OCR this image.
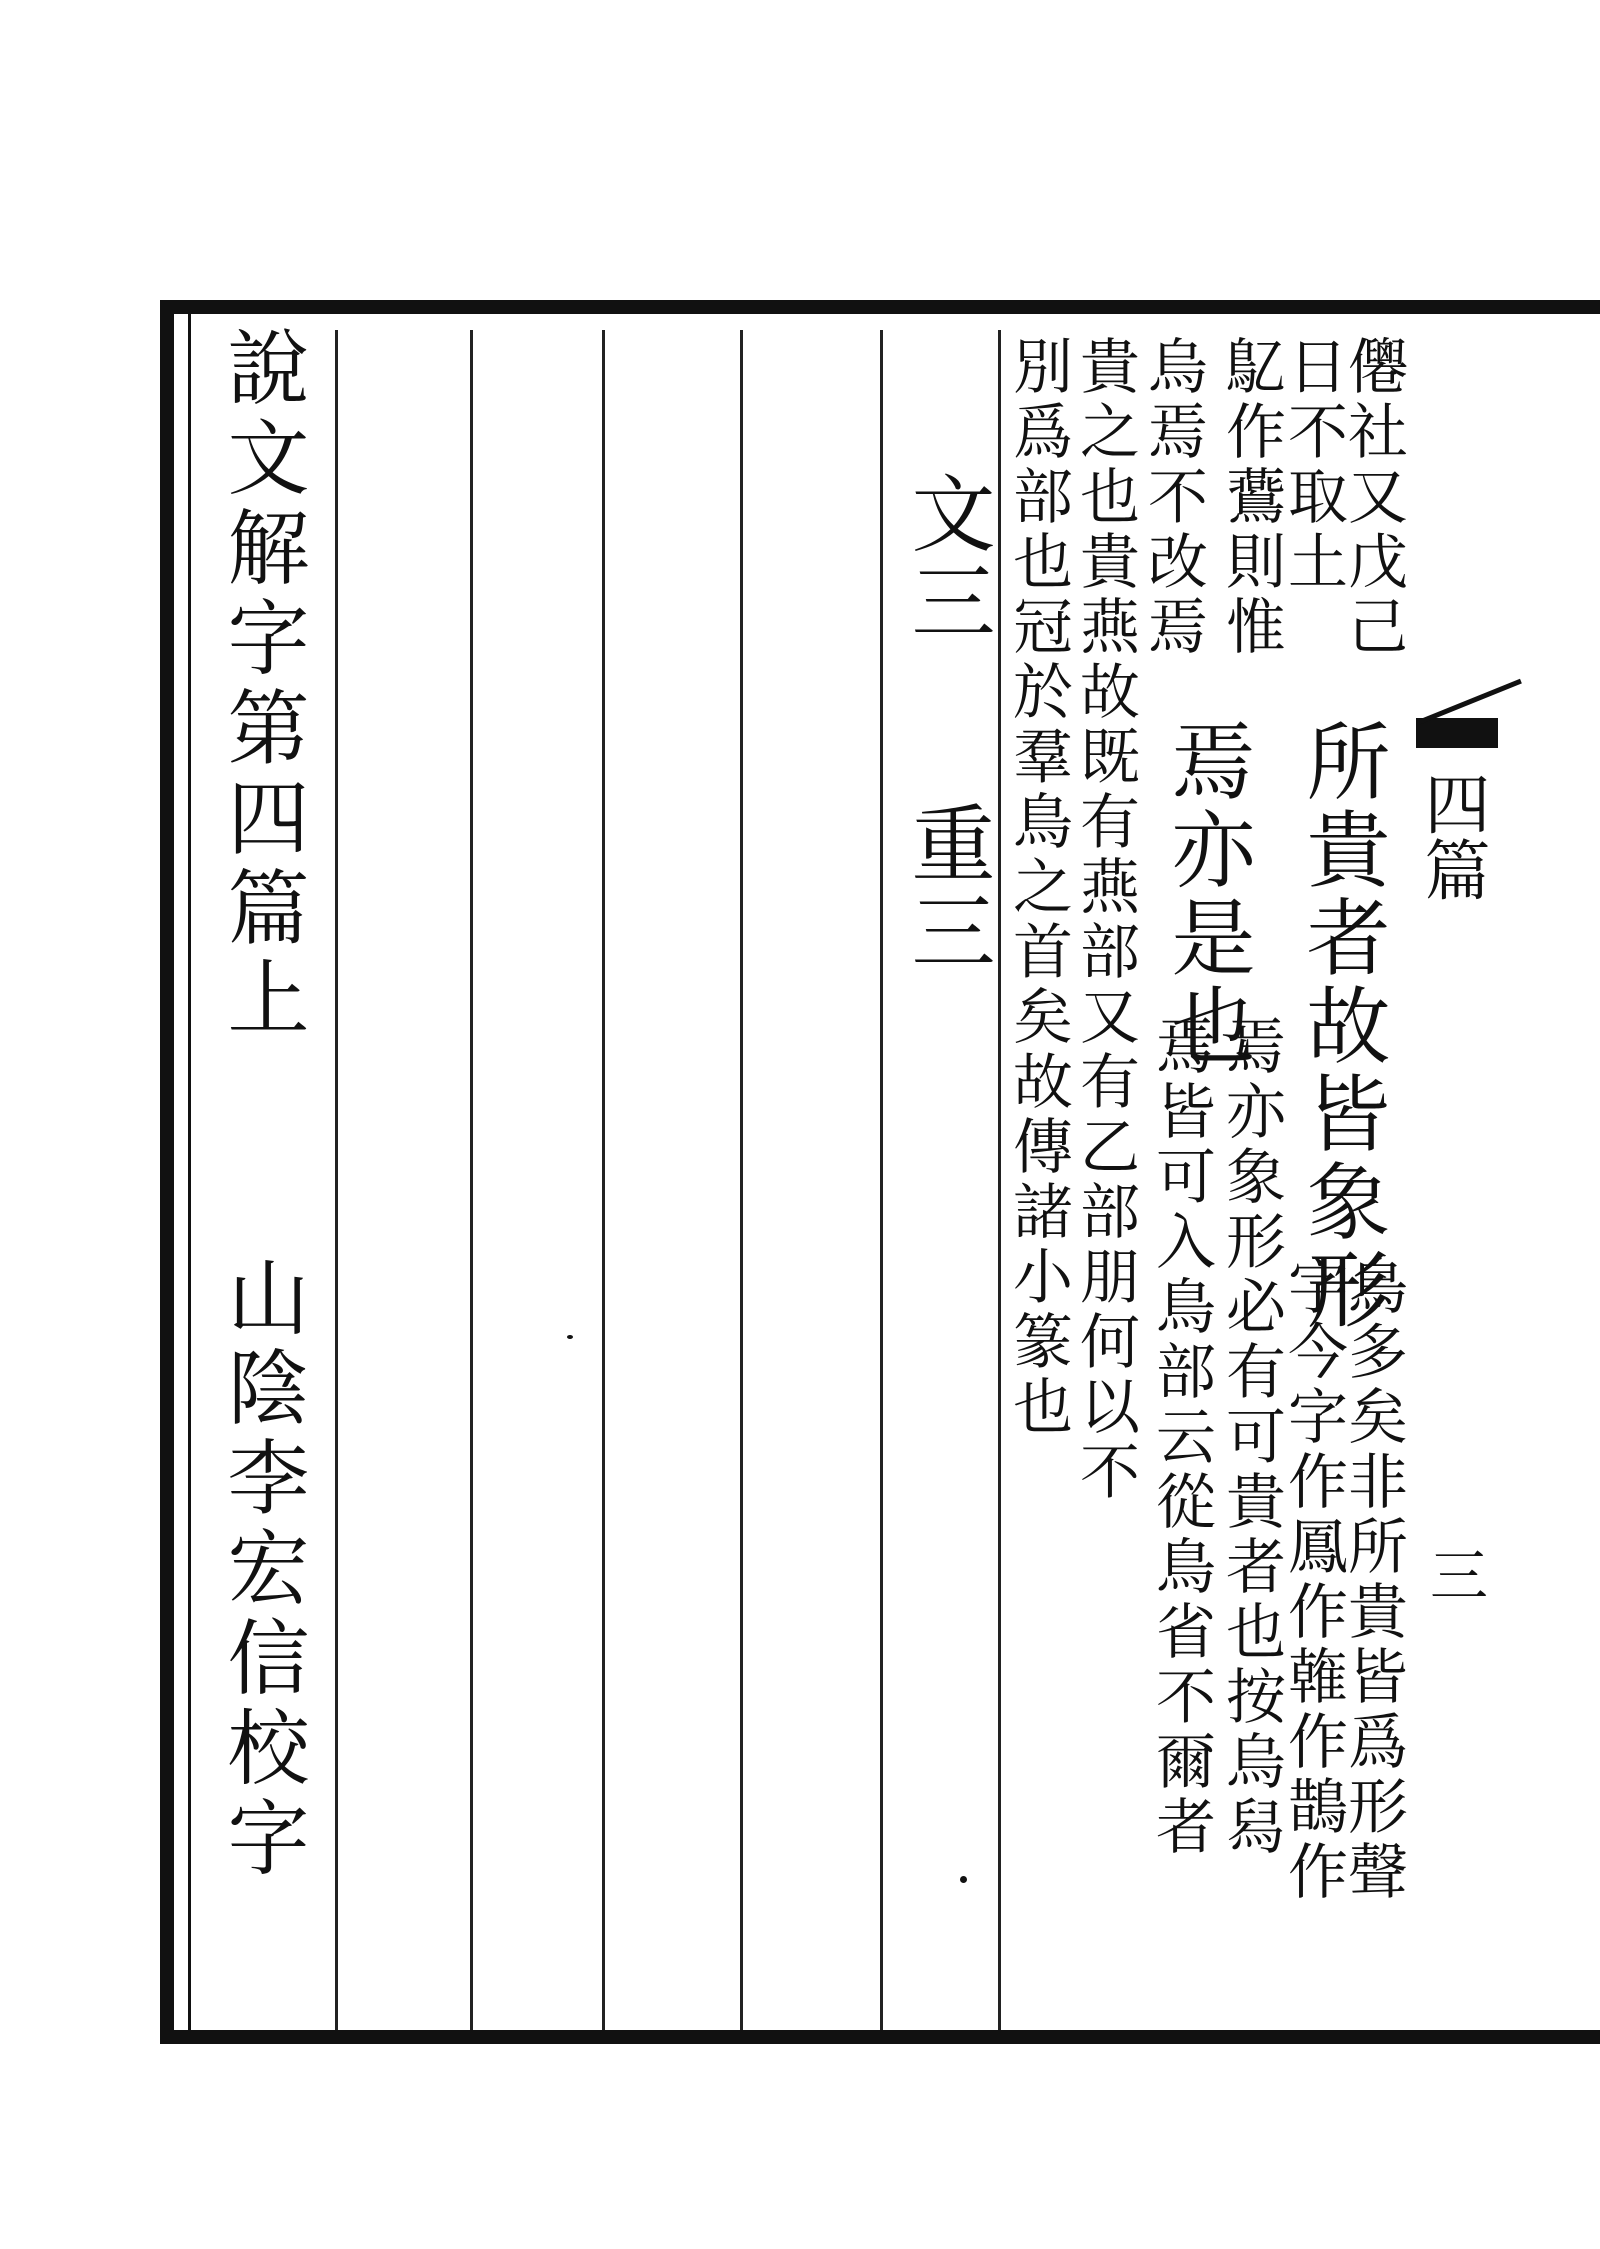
㒨社又戊己
日不取土
所貴者故皆象形
鳥多矣非所貴皆爲形聲
字今字作鳳作雗作鵲作
鳦作鷰則惟
焉亦是也
焉亦象形必有可貴者也按烏舄
焉皆可入鳥部云從鳥省不爾者
烏焉不改焉
貴之也貴燕故既有燕部又有乙部朋何以不
別爲部也冠於羣鳥之首矣故傳諸小篆也
文三
重三
說文解字第四篇上
山陰李宏信校字
四篇
三
